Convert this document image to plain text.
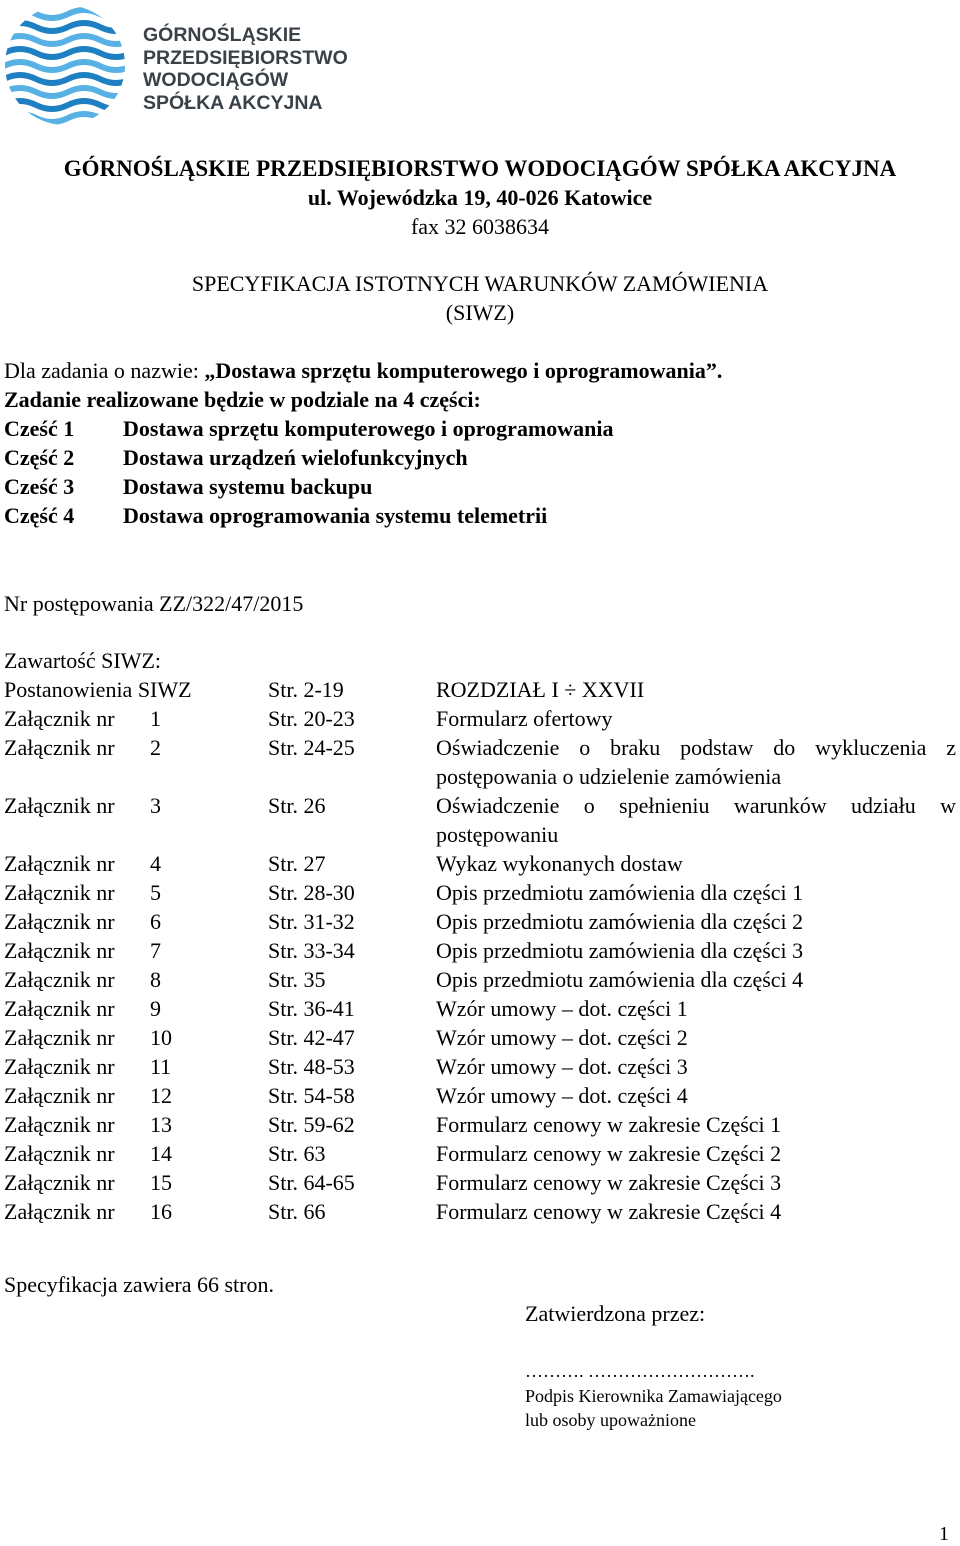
GÓRNOŚLĄSKIE
PRZEDSIĘBIORSTWO
WODOCIĄGÓW
SPÓŁKA AKCYJNA
GÓRNOŚLĄSKIE PRZEDSIĘBIORSTWO WODOCIĄGÓW SPÓŁKA AKCYJNA
ul. Wojewódzka 19, 40-026 Katowice
fax 32 6038634
SPECYFIKACJA ISTOTNYCH WARUNKÓW ZAMÓWIENIA
(SIWZ)
Dla zadania o nazwie: „Dostawa sprzętu komputerowego i oprogramowania”.
Zadanie realizowane będzie w podziale na 4 części:
Cześć 1 Dostawa sprzętu komputerowego i oprogramowania
Część 2 Dostawa urządzeń wielofunkcyjnych
Cześć 3 Dostawa systemu backupu
Część 4 Dostawa oprogramowania systemu telemetrii
Nr postępowania ZZ/322/47/2015
Zawartość SIWZ:
Postanowienia SIWZ	Str. 2-19	ROZDZIAŁ I ÷ XXVII
Załącznik nr 1	Str. 20-23	Formularz ofertowy
Załącznik nr 2	Str. 24-25	Oświadczenie o braku podstaw do wykluczenia z postępowania o udzielenie zamówienia
Załącznik nr 3	Str. 26	Oświadczenie o spełnieniu warunków udziału w postępowaniu
Załącznik nr 4	Str. 27	Wykaz wykonanych dostaw
Załącznik nr 5	Str. 28-30	Opis przedmiotu zamówienia dla części 1
Załącznik nr 6	Str. 31-32	Opis przedmiotu zamówienia dla części 2
Załącznik nr 7	Str. 33-34	Opis przedmiotu zamówienia dla części 3
Załącznik nr 8	Str. 35	Opis przedmiotu zamówienia dla części 4
Załącznik nr 9	Str. 36-41	Wzór umowy – dot. części 1
Załącznik nr 10	Str. 42-47	Wzór umowy – dot. części 2
Załącznik nr 11	Str. 48-53	Wzór umowy – dot. części 3
Załącznik nr 12	Str. 54-58	Wzór umowy – dot. części 4
Załącznik nr 13	Str. 59-62	Formularz cenowy w zakresie Części 1
Załącznik nr 14	Str. 63	Formularz cenowy w zakresie Części 2
Załącznik nr 15	Str. 64-65	Formularz cenowy w zakresie Części 3
Załącznik nr 16	Str. 66	Formularz cenowy w zakresie Części 4
Specyfikacja zawiera 66 stron.
Zatwierdzona przez:
………. ……………………….
Podpis Kierownika Zamawiającego
lub osoby upoważnione
1
